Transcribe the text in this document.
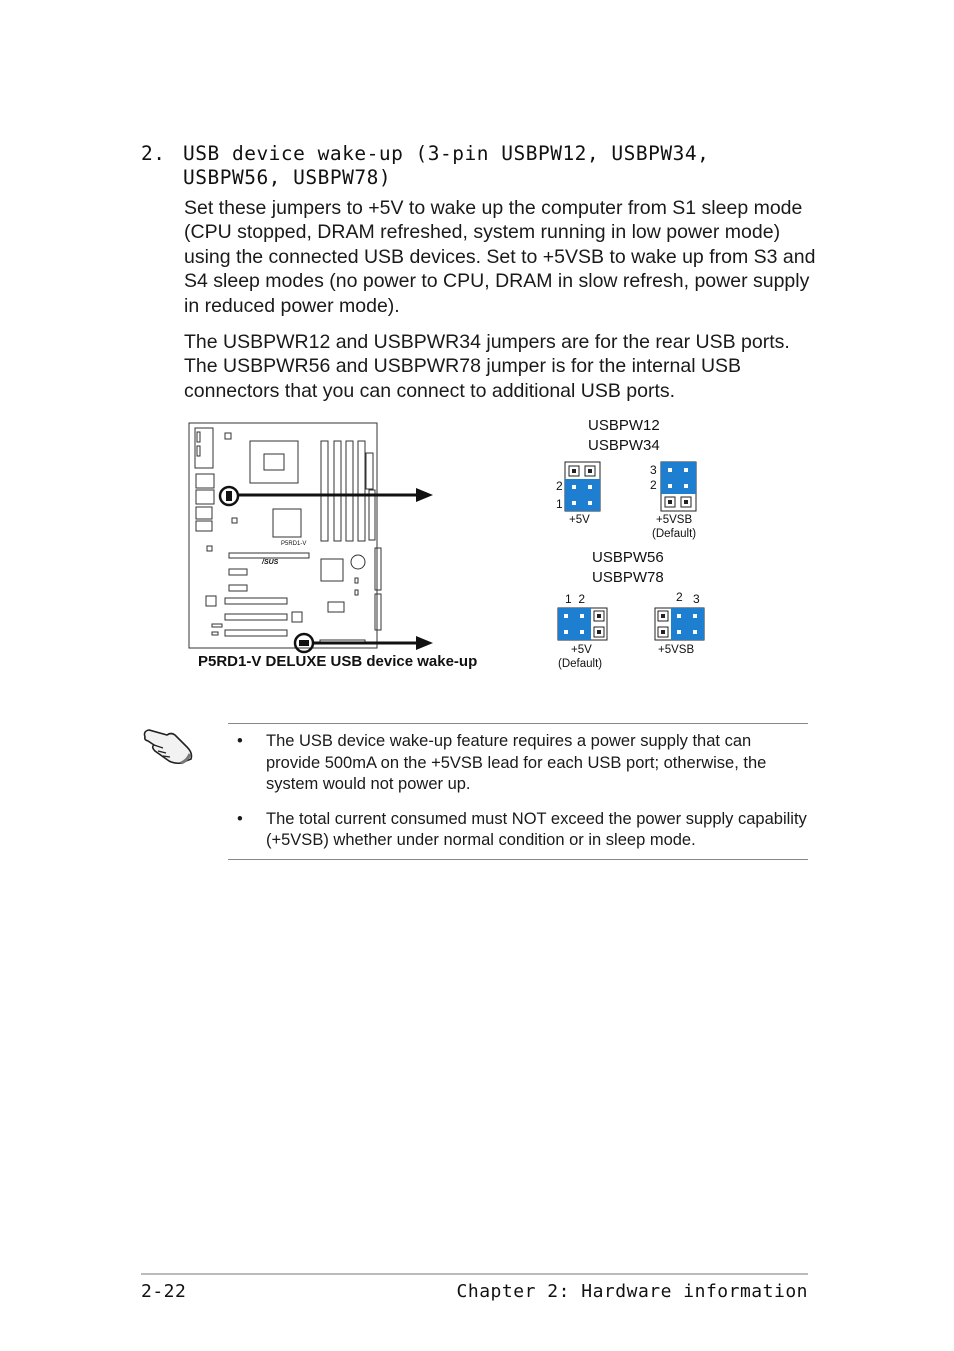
2. USB device wake-up (3-pin USBPW12, USBPW34,
USBPW56, USBPW78)
Set these jumpers to +5V to wake up the computer from S1 sleep mode (CPU stopped, DRAM refreshed, system running in low power mode) using the connected USB devices. Set to +5VSB to wake up from S3 and S4 sleep modes (no power to CPU, DRAM in slow refresh, power supply in reduced power mode).
The USBPWR12 and USBPWR34 jumpers are for the rear USB ports. The USBPWR56 and USBPWR78 jumper is for the internal USB connectors that you can connect to additional USB ports.
P5RD1-V
/SUS
USBPW12
USBPW34
2
1
3
2
+5V	+5VSB
(Default)
USBPW56
USBPW78
1  2	2 3
+5V
(Default)
+5VSB
P5RD1-V DELUXE USB device wake-up
• The USB device wake-up feature requires a power supply that can provide 500mA on the +5VSB lead for each USB port; otherwise, the system would not power up.
• The total current consumed must NOT exceed the power supply capability (+5VSB) whether under normal condition or in sleep mode.
2-22	Chapter 2: Hardware information
